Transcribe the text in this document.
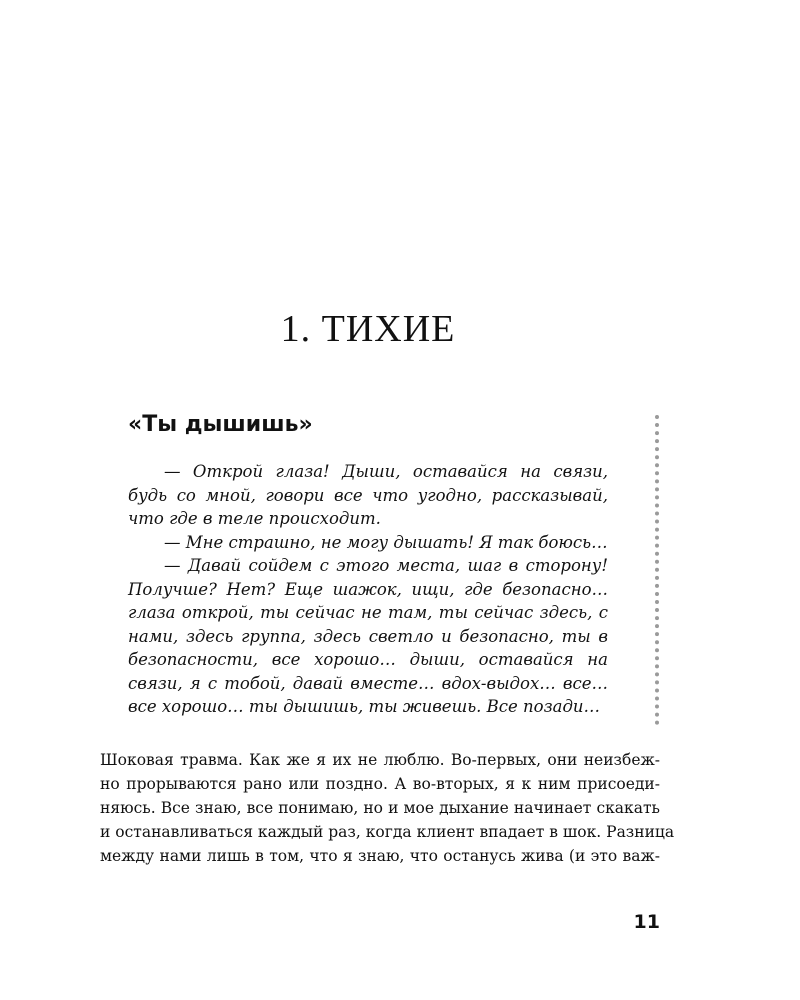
1. ТИХИЕ
«Ты дышишь»

— Открой глаза! Дыши, оставайся на связи, будь со мной, говори все что угодно, рассказывай, что где в теле происходит.

— Мне страшно, не могу дышать! Я так боюсь…

— Давай сойдем с этого места, шаг в сторону! Получше? Нет? Еще шажок, ищи, где безопасно… глаза открой, ты сейчас не там, ты сейчас здесь, с нами, здесь группа, здесь светло и безопасно, ты в безопасности, все хорошо… дыши, оставайся на связи, я с тобой, давай вместе… вдох-выдох… все… все хорошо… ты дышишь, ты живешь. Все позади…

Шоковая травма. Как же я их не люблю. Во-первых, они неизбеж-
но прорываются рано или поздно. А во-вторых, я к ним присоеди-
няюсь. Все знаю, все понимаю, но и мое дыхание начинает скакать
и останавливаться каждый раз, когда клиент впадает в шок. Разница
между нами лишь в том, что я знаю, что останусь жива (и это важ-

11
